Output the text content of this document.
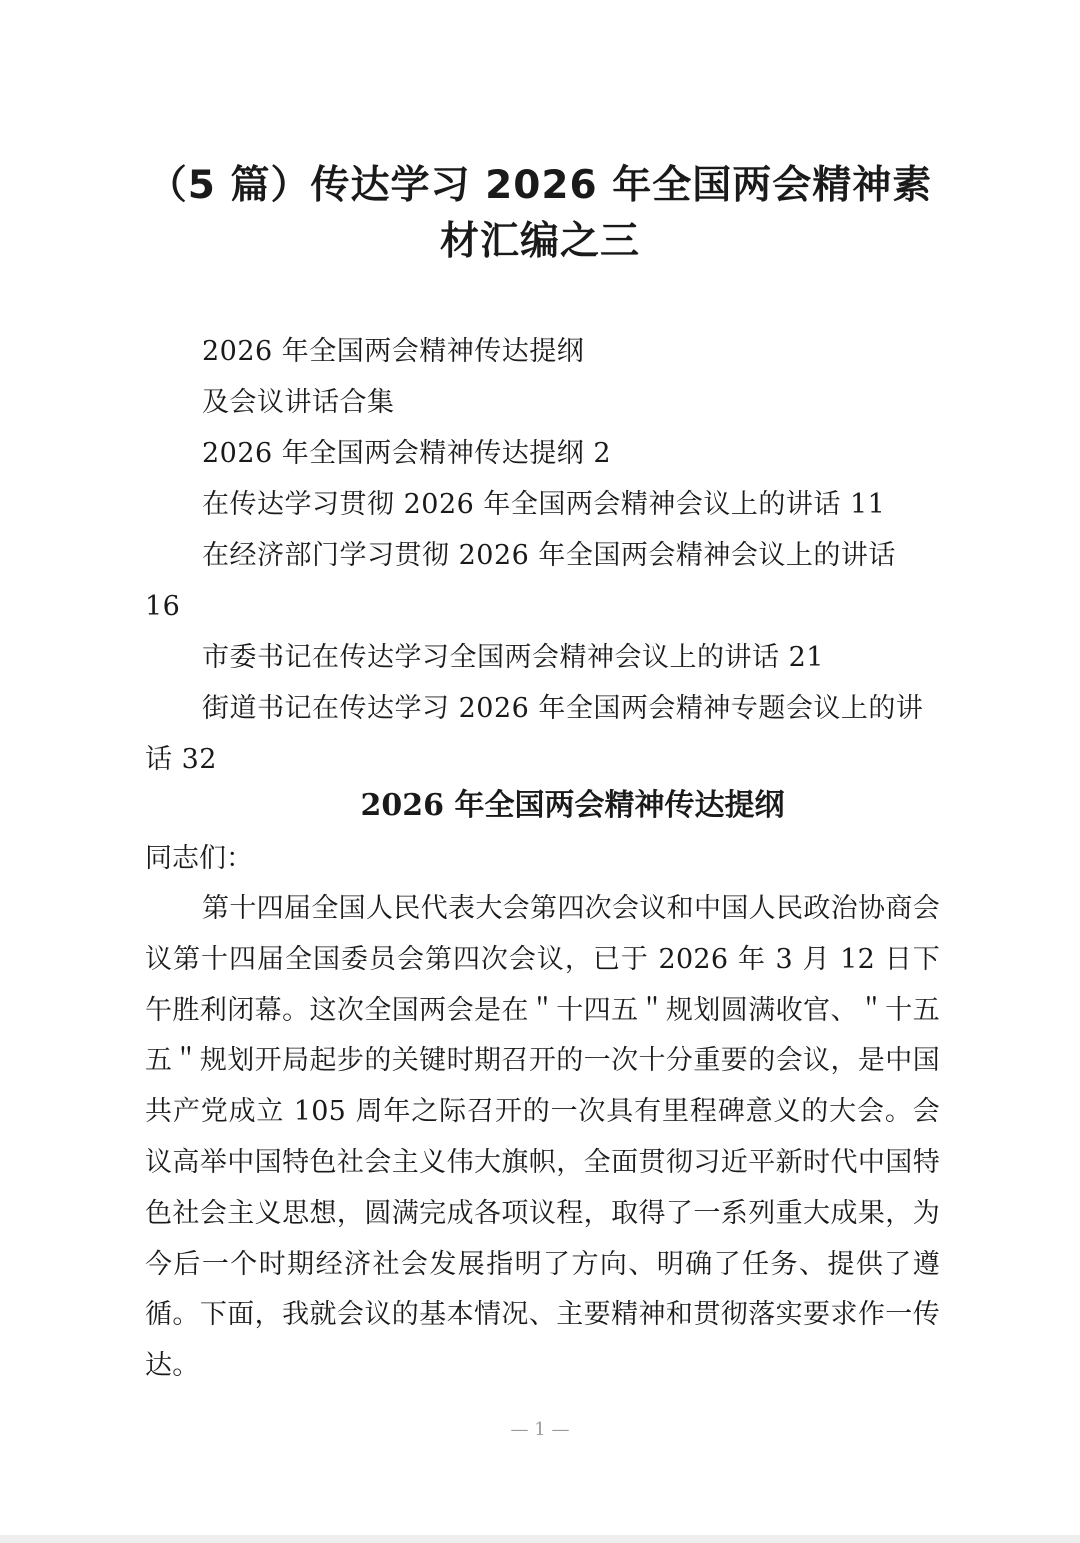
（5 篇）传达学习 2026 年全国两会精神素材汇编之三
2026 年全国两会精神传达提纲
及会议讲话合集
2026 年全国两会精神传达提纲 2
在传达学习贯彻 2026 年全国两会精神会议上的讲话 11
在经济部门学习贯彻 2026 年全国两会精神会议上的讲话 16
市委书记在传达学习全国两会精神会议上的讲话 21
街道书记在传达学习 2026 年全国两会精神专题会议上的讲话 32
2026 年全国两会精神传达提纲

同志们：

第十四届全国人民代表大会第四次会议和中国人民政治协商会议第十四届全国委员会第四次会议，已于 2026 年 3 月 12 日下午胜利闭幕。这次全国两会是在＂十四五＂规划圆满收官、＂十五五＂规划开局起步的关键时期召开的一次十分重要的会议，是中国共产党成立 105 周年之际召开的一次具有里程碑意义的大会。会议高举中国特色社会主义伟大旗帜，全面贯彻习近平新时代中国特色社会主义思想，圆满完成各项议程，取得了一系列重大成果，为今后一个时期经济社会发展指明了方向、明确了任务、提供了遵循。下面，我就会议的基本情况、主要精神和贯彻落实要求作一传达。

— 1 —
